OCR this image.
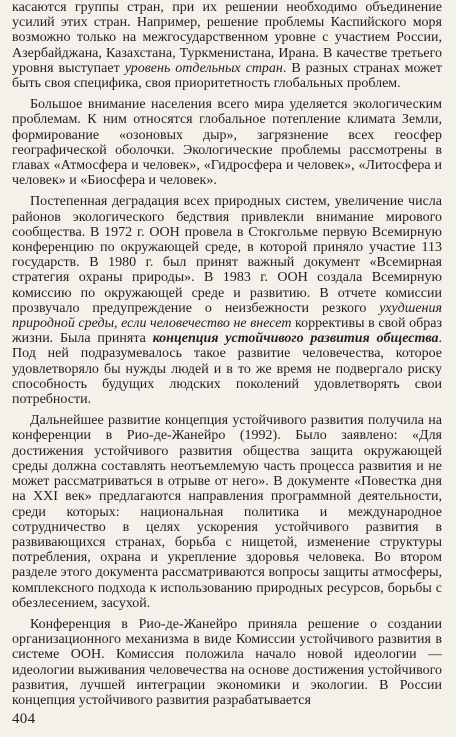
касаются группы стран, при их решении необходимо объединение усилий этих стран. Например, решение проблемы Каспийского моря возможно только на межгосударственном уровне с участием России, Азербайджана, Казахстана, Туркменистана, Ирана. В качестве третьего уровня выступает уровень отдельных стран. В разных странах может быть своя специфика, своя приоритетность глобальных проблем.

Большое внимание населения всего мира уделяется экологическим проблемам. К ним относятся глобальное потепление климата Земли, формирование «озоновых дыр», загрязнение всех геосфер географической оболочки. Экологические проблемы рассмотрены в главах «Атмосфера и человек», «Гидросфера и человек», «Литосфера и человек» и «Биосфера и человек».

Постепенная деградация всех природных систем, увеличение числа районов экологического бедствия привлекли внимание мирового сообщества. В 1972 г. ООН провела в Стокгольме первую Всемирную конференцию по окружающей среде, в которой приняло участие 113 государств. В 1980 г. был принят важный документ «Всемирная стратегия охраны природы». В 1983 г. ООН создала Всемирную комиссию по окружающей среде и развитию. В отчете комиссии прозвучало предупреждение о неизбежности резкого ухудшения природной среды, если человечество не внесет коррективы в свой образ жизни. Была принята концепция устойчивого развития общества. Под ней подразумевалось такое развитие человечества, которое удовлетворяло бы нужды людей и в то же время не подвергало риску способность будущих людских поколений удовлетворять свои потребности.

Дальнейшее развитие концепция устойчивого развития получила на конференции в Рио-де-Жанейро (1992). Было заявлено: «Для достижения устойчивого развития общества защита окружающей среды должна составлять неотъемлемую часть процесса развития и не может рассматриваться в отрыве от него». В документе «Повестка дня на XXI век» предлагаются направления программной деятельности, среди которых: национальная политика и международное сотрудничество в целях ускорения устойчивого развития в развивающихся странах, борьба с нищетой, изменение структуры потребления, охрана и укрепление здоровья человека. Во втором разделе этого документа рассматриваются вопросы защиты атмосферы, комплексного подхода к использованию природных ресурсов, борьбы с обезлесением, засухой.

Конференция в Рио-де-Жанейро приняла решение о создании организационного механизма в виде Комиссии устойчивого развития в системе ООН. Комиссия положила начало новой идеологии — идеологии выживания человечества на основе достижения устойчивого развития, лучшей интеграции экономики и экологии. В России концепция устойчивого развития разрабатывается

404
